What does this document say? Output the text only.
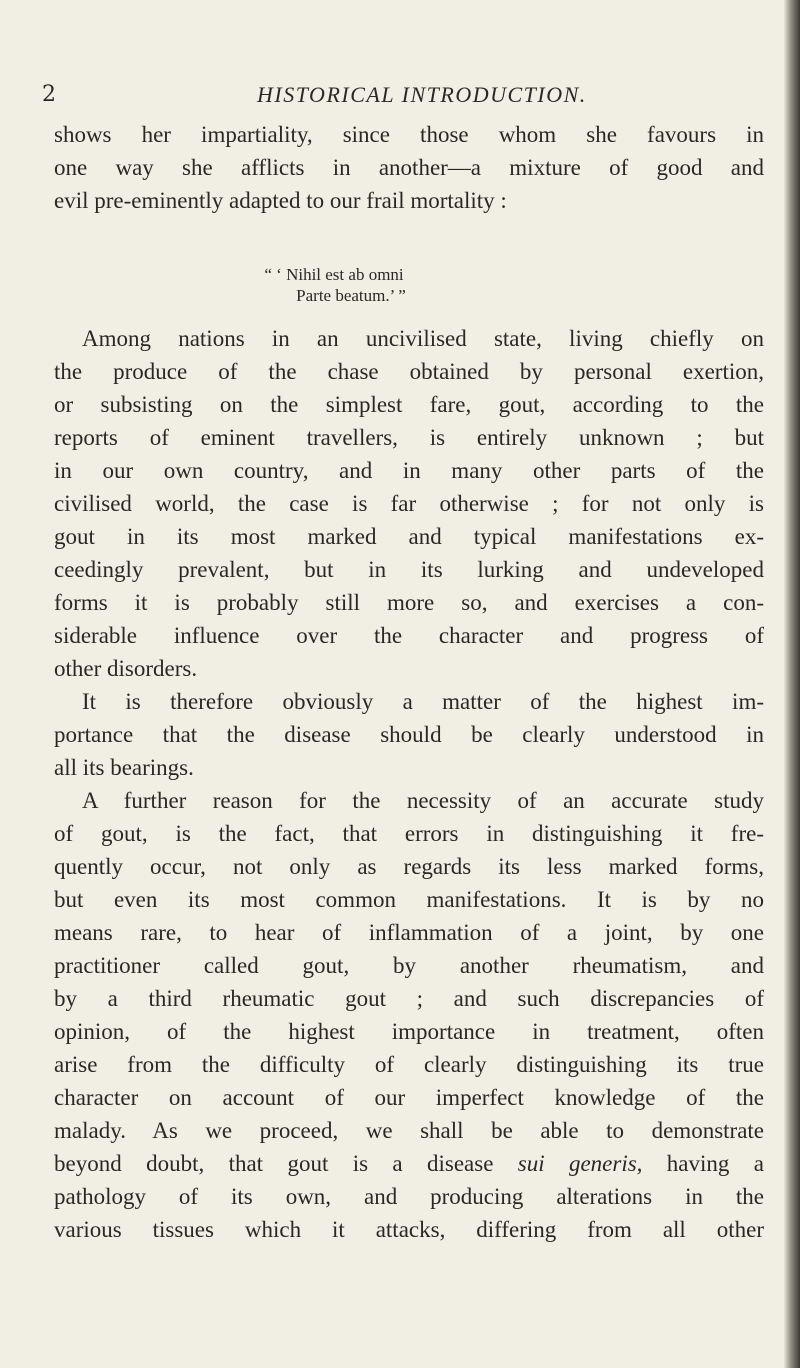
2	HISTORICAL INTRODUCTION.
shows her impartiality, since those whom she favours in
one way she afflicts in another—a mixture of good and
evil pre-eminently adapted to our frail mortality :
“ ‘ Nihil est ab omni
Parte beatum.’ ”
Among nations in an uncivilised state, living chiefly on
the produce of the chase obtained by personal exertion,
or subsisting on the simplest fare, gout, according to the
reports of eminent travellers, is entirely unknown ; but
in our own country, and in many other parts of the
civilised world, the case is far otherwise ; for not only is
gout in its most marked and typical manifestations ex-
ceedingly prevalent, but in its lurking and undeveloped
forms it is probably still more so, and exercises a con-
siderable influence over the character and progress of
other disorders.
It is therefore obviously a matter of the highest im-
portance that the disease should be clearly understood in
all its bearings.
A further reason for the necessity of an accurate study
of gout, is the fact, that errors in distinguishing it fre-
quently occur, not only as regards its less marked forms,
but even its most common manifestations. It is by no
means rare, to hear of inflammation of a joint, by one
practitioner called gout, by another rheumatism, and
by a third rheumatic gout ; and such discrepancies of
opinion, of the highest importance in treatment, often
arise from the difficulty of clearly distinguishing its true
character on account of our imperfect knowledge of the
malady. As we proceed, we shall be able to demonstrate
beyond doubt, that gout is a disease sui generis, having a
pathology of its own, and producing alterations in the
various tissues which it attacks, differing from all other
